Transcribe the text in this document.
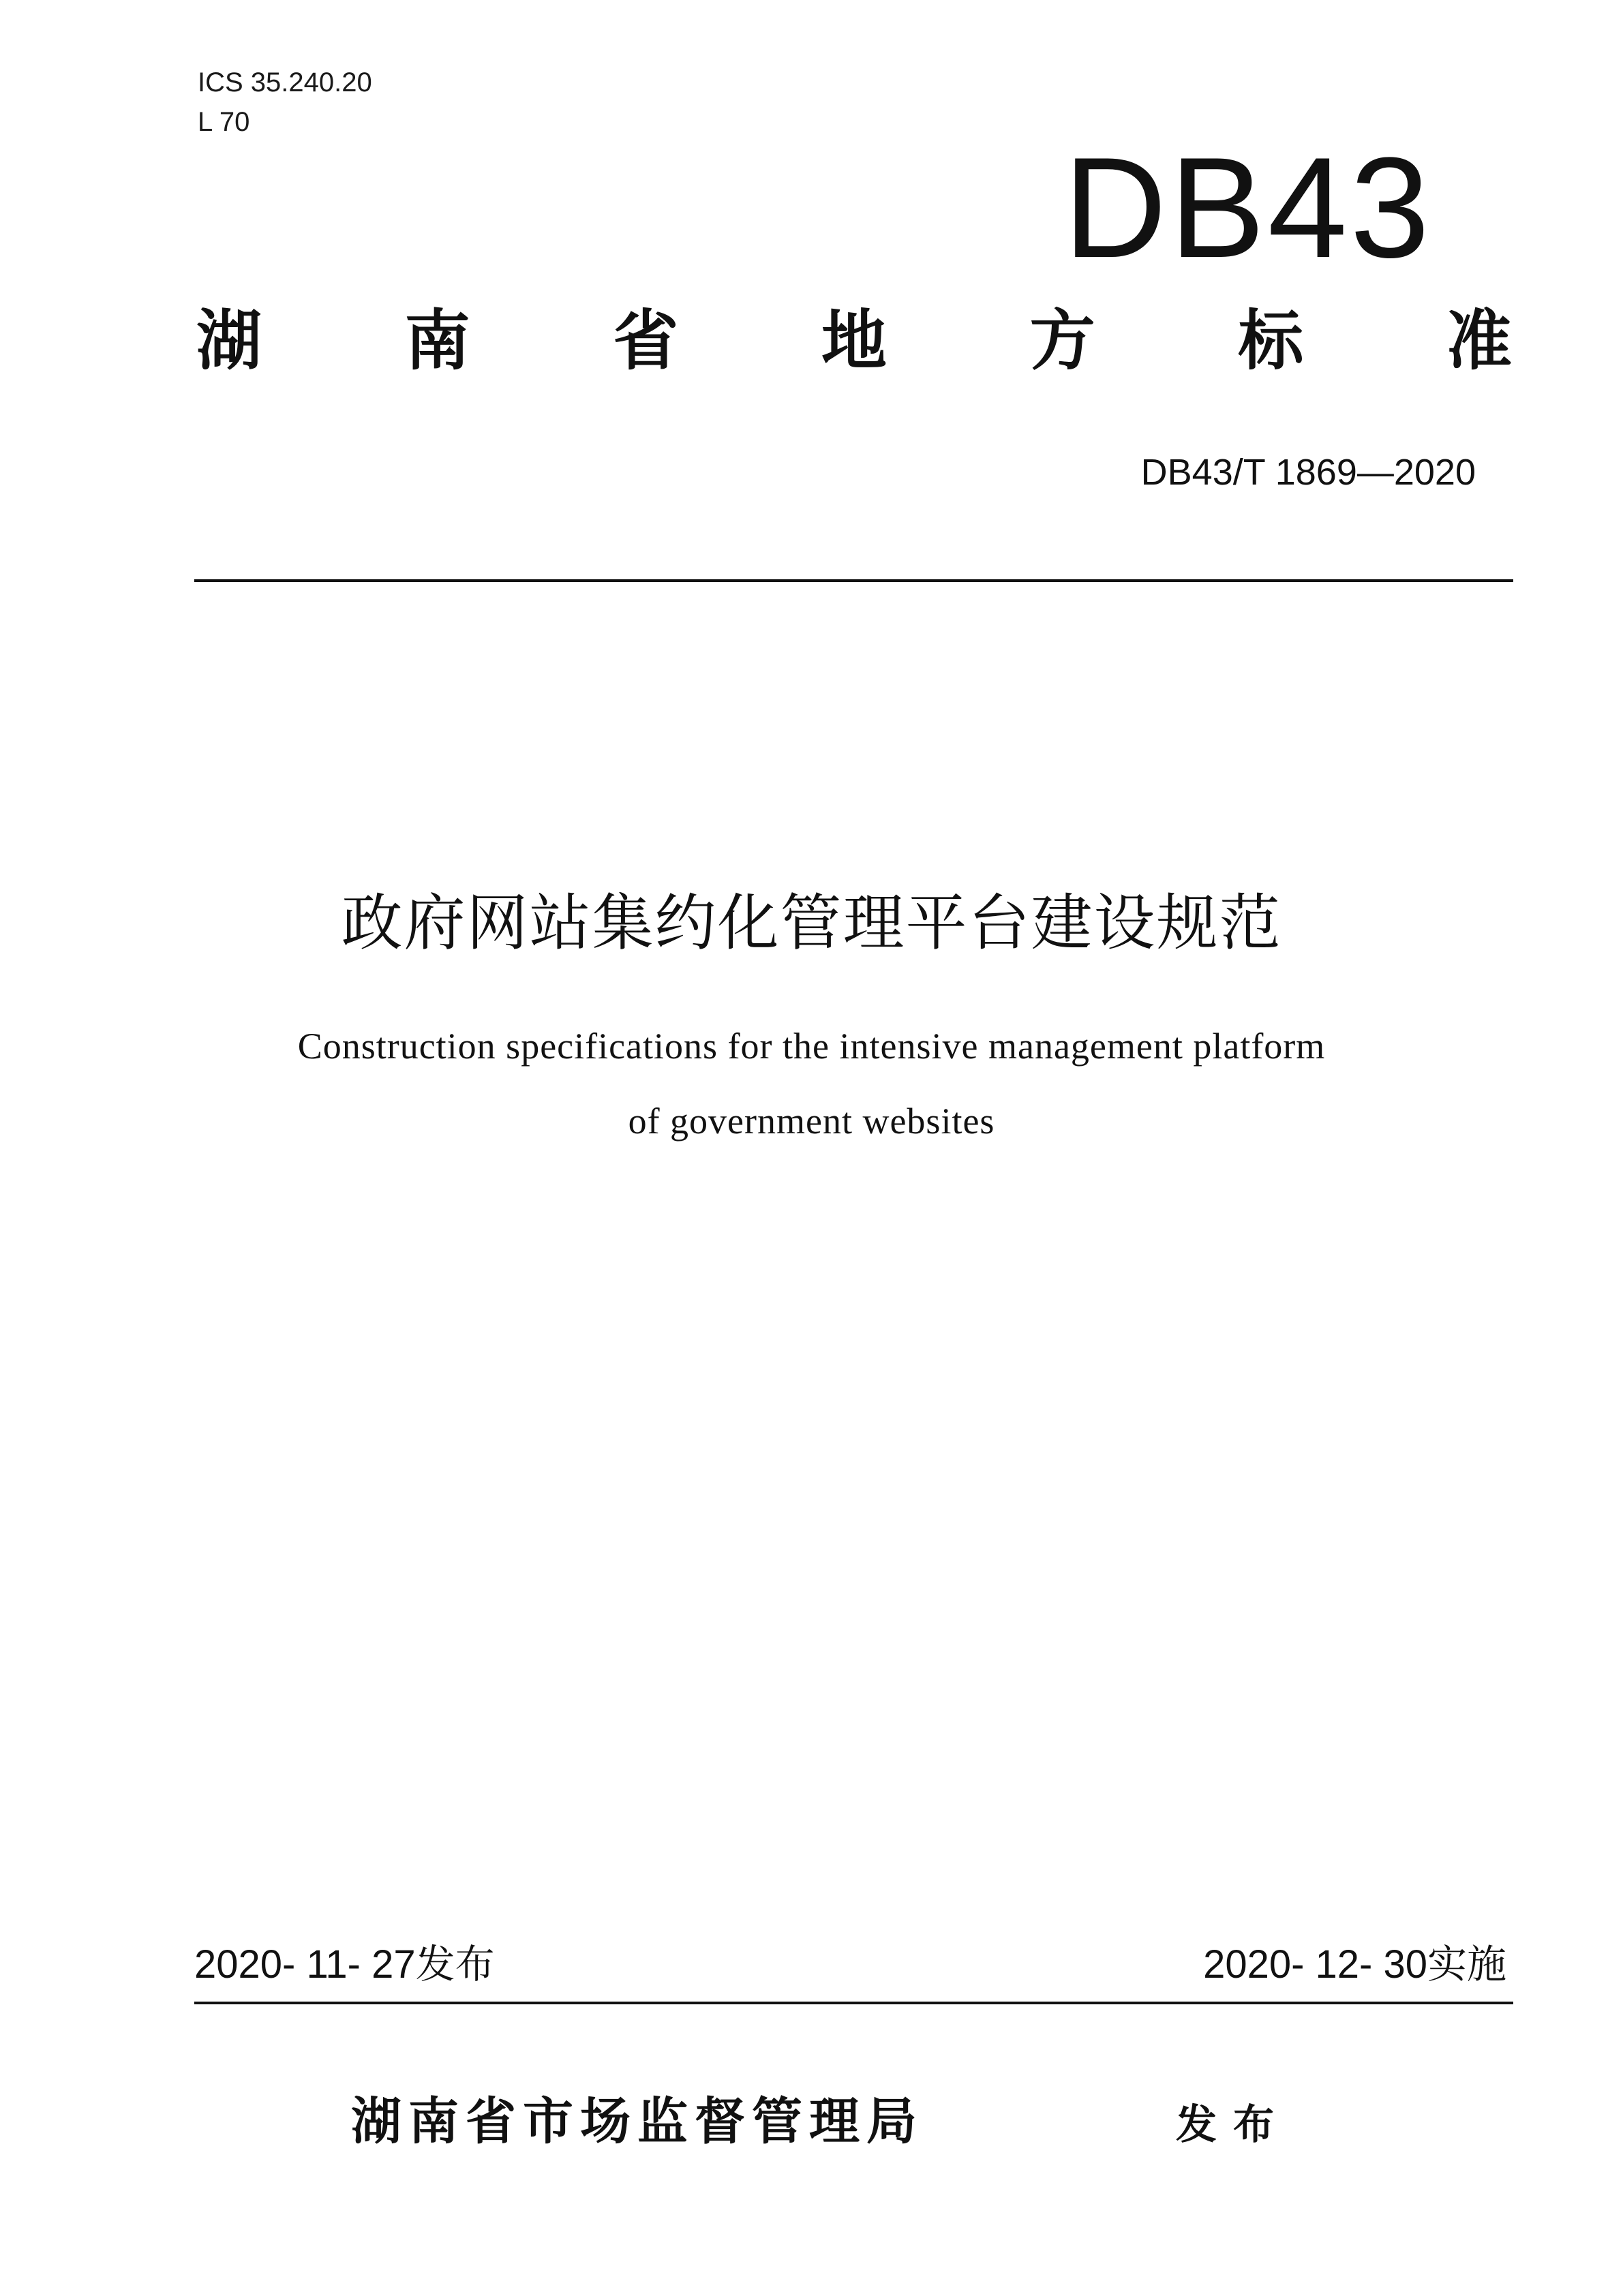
ICS 35.240.20
L 70
DB43
湖 南 省 地 方 标 准
DB43/T 1869—2020
政府网站集约化管理平台建设规范
Construction specifications for the intensive management platform
of government websites
2020- 11- 27发布	2020- 12- 30实施
湖南省市场监督管理局	发布
